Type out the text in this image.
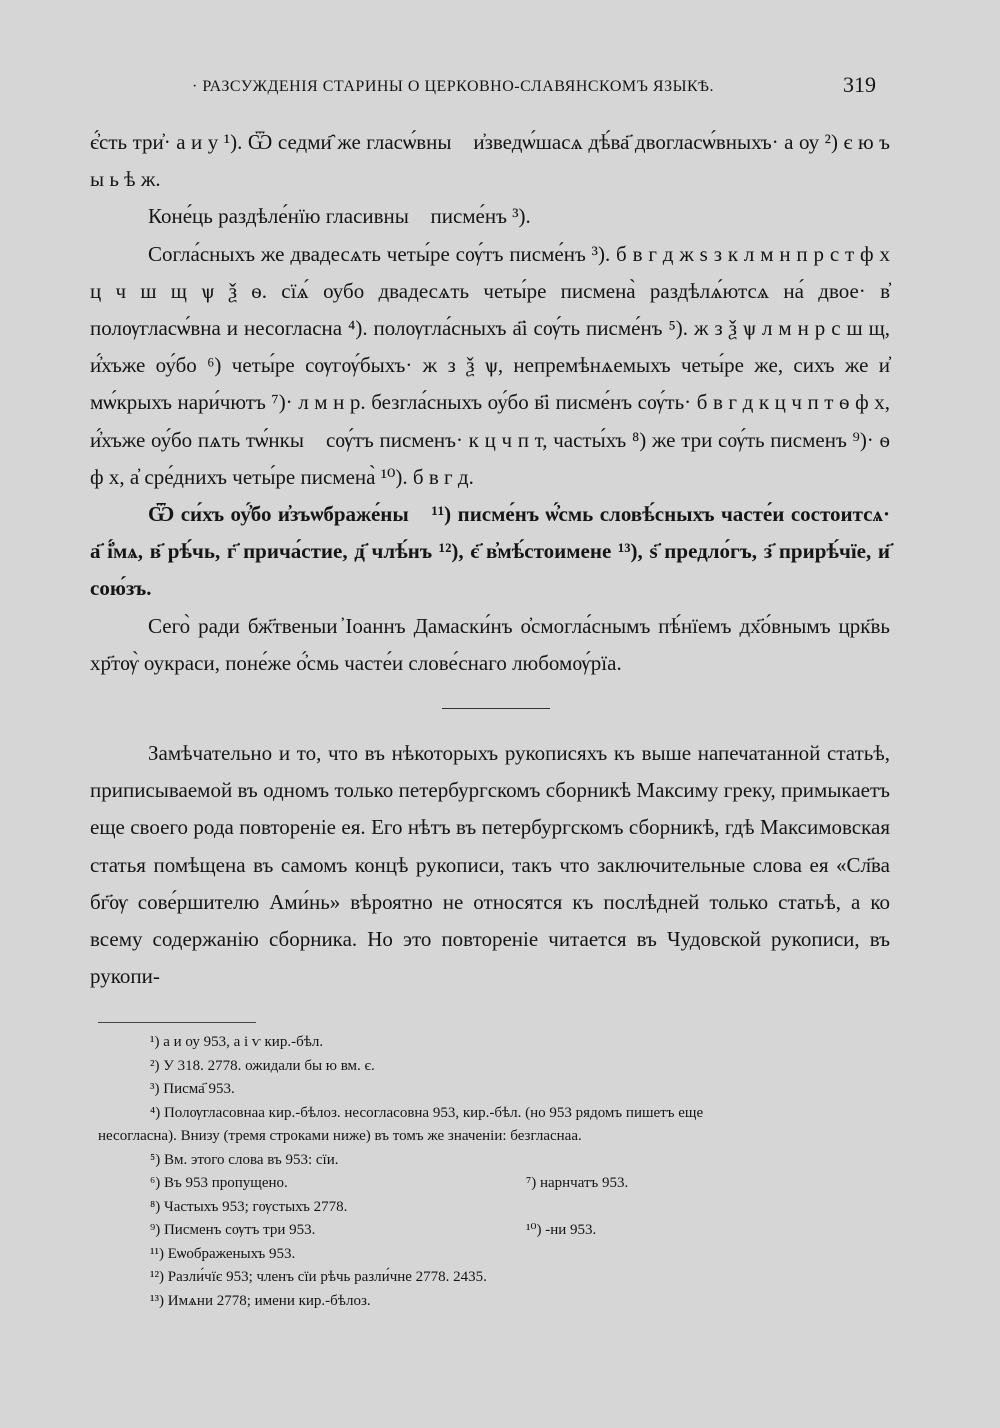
· РАЗСУЖДЕНІЯ СТАРИНЫ О ЦЕРКОВНО-СЛАВЯНСКОМЪ ЯЗЫКѢ.	319

є҆́сть три҆· а и у ¹). Ѿ седми҄ же гласѡ́вныⷯ и҆зведѡ́шасѧ дѣ́ва҃ двогласѡ́вныхъ· а оу ²) є ю ъ ы ь ѣ ж.

Коне́ць раздѣле́нїю гласивныⷯ писме́нъ ³).

Согла́сныхъ же двадесѧть четы́ре сѹ́тъ писме́нъ ³). б в г д ж ѕ з к л м н п р с т ф х ц ч ш щ ѱ ѯ ѳ. сїѧ́ оубо двадесѧть четы́ре писмена̀ раздѣлѧ́ютсѧ на́ двое· в҆ полѹгласѡ́вна и несогласна ⁴). полѹгла́сныхъ а҃і сѹ́ть писме́нъ ⁵). ж з ѯ ѱ л м н р с ш щ, и҆́хъже оу́бо ⁶) четы́ре сѹгѹ́быхъ· ж з ѯ ѱ, непремѣнѧемыхъ четы́ре же, сихъ же и҆ мѡ́крыхъ нари́чютъ ⁷)· л м н р. безгла́сныхъ оу́бо в҃і писме́нъ сѹ́ть· б в г д к ц ч п т ѳ ф х, и҆́хъже оу́бо пѧть тѡ́нкыⷯ сѹ́тъ писменъ· к ц ч п т, часты́хъ ⁸) же три сѹ́ть писменъ ⁹)· ѳ ф х, а҆ сре́днихъ четы́ре писмена̀ ¹⁰). б в г д.

Ѿ си́хъ оу҆́бо и҆зъѡбраже́ныⷯ ¹¹) писме́нъ ѡ҆́смь словѣ́сныхъ часте́и состоитсѧ· а҃ і҆́мѧ, в҃ рѣ́чь, г҃ прича́стие, д҃ члѣ́нъ ¹²), є҃ в҆мѣ́стоимене ¹³), ѕ҃ предло́гъ, з҃ прирѣ́чїе, и҃ сою́зъ.

Сего̀ ради бж҃твеныи ̓Іоаннъ Дамаски́нъ о҆смогла́снымъ пѣ́нїемъ дх҃о́внымъ црк҃вь хр҃тѹ̀ оукраси, поне́же о҆́смь часте́и слове́снаго любомѹ́рїа.

Замѣчательно и то, что въ нѣкоторыхъ рукописяхъ къ выше напечатанной статьѣ, приписываемой въ одномъ только петербургскомъ сборникѣ Максиму греку, примыкаетъ еще своего рода повтореніе ея. Его нѣтъ въ петербургскомъ сборникѣ, гдѣ Максимовская статья помѣщена въ самомъ концѣ рукописи, такъ что заключительные слова ея «Сл҃ва бг҃ѹ сове́ршителю Ами́нь» вѣроятно не относятся къ послѣдней только статьѣ, а ко всему содержанію сборника. Но это повтореніе читается въ Чудовской рукописи, въ рукопи-

¹) а и оу 953, а і ѵ кир.-бѣл.
²) У 318. 2778. ожидали бы ю вм. є.
³) Писма҃ 953.
⁴) Полѹгласовнаа кир.-бѣлоз. несогласовна 953, кир.-бѣл. (но 953 рядомъ пишетъ еще
несогласна). Внизу (тремя строками ниже) въ томъ же значеніи: безгласнаа.
⁵) Вм. этого слова въ 953: сїи.
⁶) Въ 953 пропущено.	⁷) нарнчатъ 953.
⁸) Частыхъ 953; гѹстыхъ 2778.
⁹) Писменъ сѹтъ три 953.	¹⁰) -ни 953.
¹¹) Еѡображеныхъ 953.
¹²) Разли́чїє 953; членъ сїи рѣчь разли́чне 2778. 2435.
¹³) Имѧни 2778; имени кир.-бѣлоз.
